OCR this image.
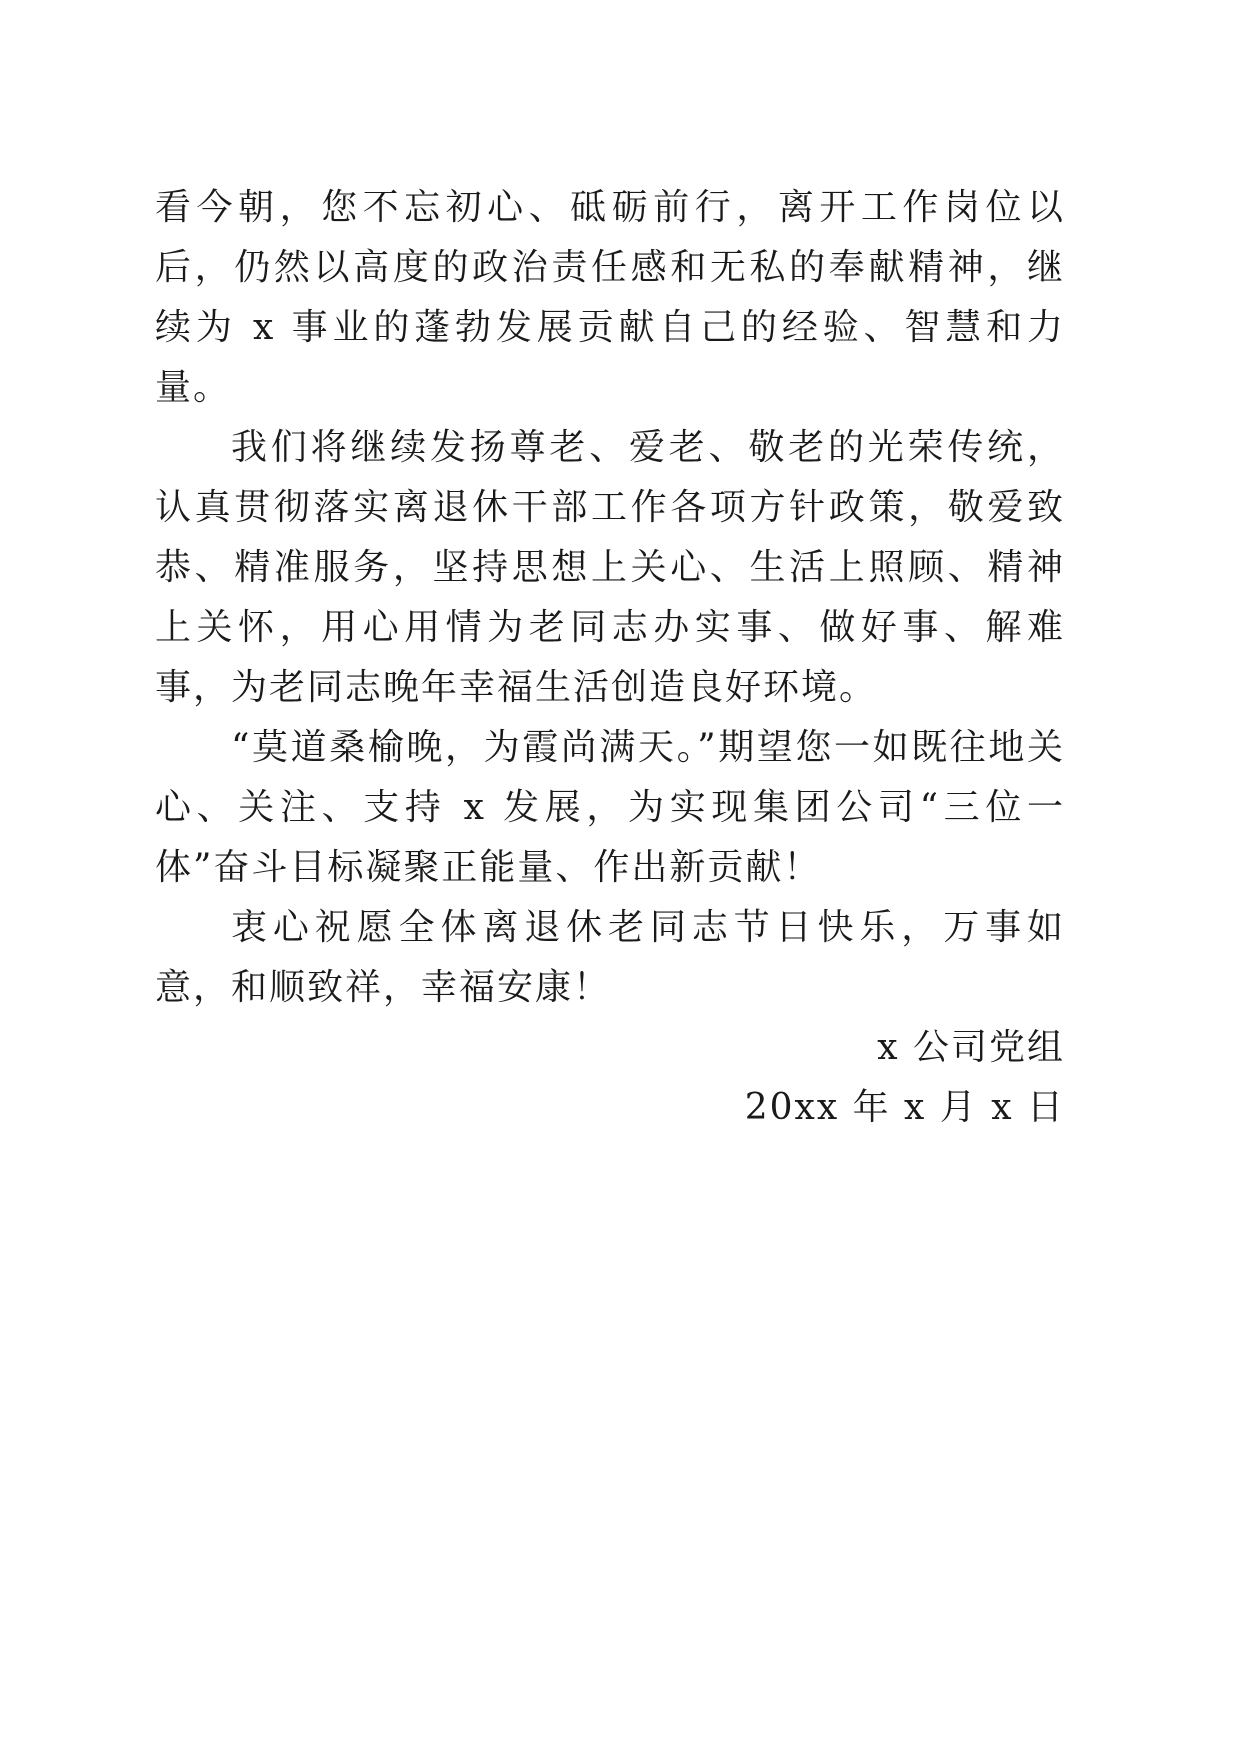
看今朝，您不忘初心、砥砺前行，离开工作岗位以后，仍然以高度的政治责任感和无私的奉献精神，继续为 x 事业的蓬勃发展贡献自己的经验、智慧和力量。

我们将继续发扬尊老、爱老、敬老的光荣传统，认真贯彻落实离退休干部工作各项方针政策，敬爱致恭、精准服务，坚持思想上关心、生活上照顾、精神上关怀，用心用情为老同志办实事、做好事、解难事，为老同志晚年幸福生活创造良好环境。

“莫道桑榆晚，为霞尚满天。”期望您一如既往地关心、关注、支持 x 发展，为实现集团公司“三位一体”奋斗目标凝聚正能量、作出新贡献！

衷心祝愿全体离退休老同志节日快乐，万事如意，和顺致祥，幸福安康！

x 公司党组

20xx 年 x 月 x 日
